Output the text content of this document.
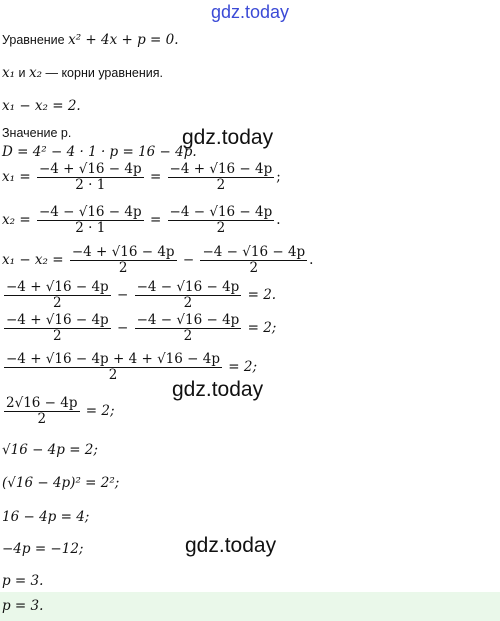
gdz.today
Уравнение x² + 4x + p = 0.
x₁ и x₂ — корни уравнения.
x₁ − x₂ = 2.
Значение p.
D = 4² − 4 · 1 · p = 16 − 4p.
$x_1 = \frac{-4 + √16 - 4p}{2 \cdot 1} = \frac{-4 + √16 - 4p}{2}$ ;
$x_2 = \frac{-4 - √16 - 4p}{2 \cdot 1} = \frac{-4 - √16 - 4p}{2}$ .
$x_1 - x_2 = \frac{-4 + √16 - 4p}{2} - \frac{-4 - √16 - 4p}{2}$ .
$\frac{-4 + √16 - 4p}{2} - \frac{-4 - √16 - 4p}{2} = 2$.
$\frac{-4 + √16 - 4p}{2} - \frac{-4 - √16 - 4p}{2} = 2$;
$\frac{-4 + √16 - 4p + 4 + √16 - 4p}{2} = 2$;
$\frac{2√16 - 4p}{2} = 2$;
√16 − 4p = 2;
(√16 − 4p)² = 2²;
16 − 4p = 4;
−4p = −12;
p = 3.
p = 3.
gdz.today
gdz.today
gdz.today
